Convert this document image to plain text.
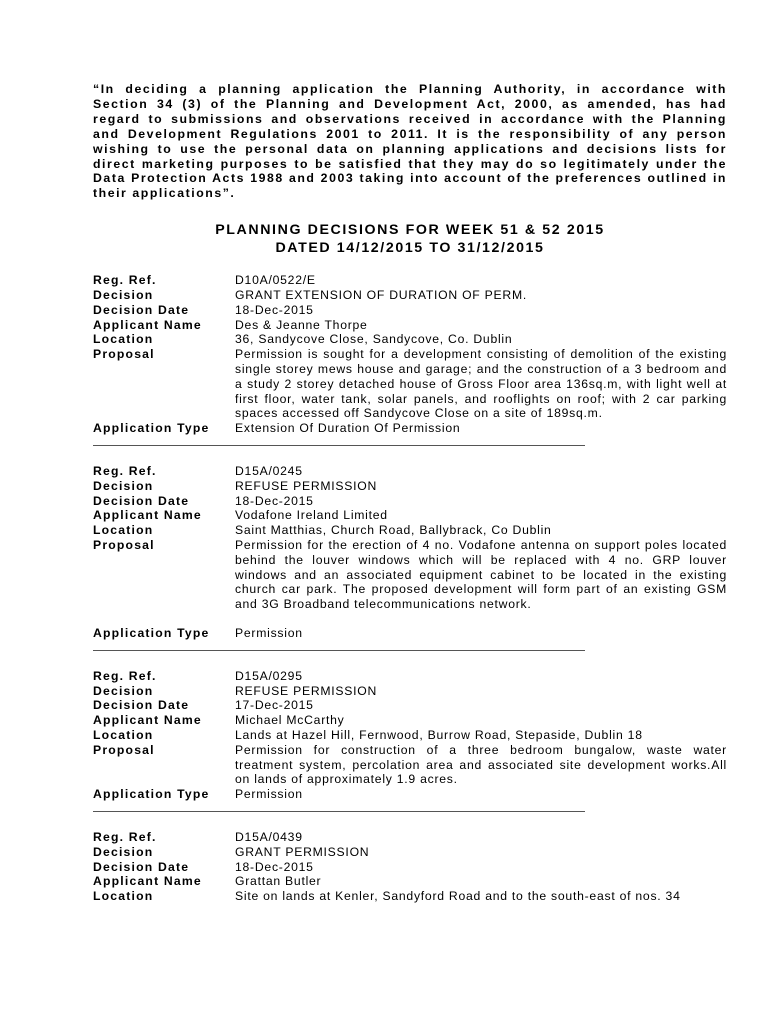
“In deciding a planning application the Planning Authority, in accordance with Section 34 (3) of the Planning and Development Act, 2000, as amended, has had regard to submissions and observations received in accordance with the Planning and Development Regulations 2001 to 2011. It is the responsibility of any person wishing to use the personal data on planning applications and decisions lists for direct marketing purposes to be satisfied that they may do so legitimately under the Data Protection Acts 1988 and 2003 taking into account of the preferences outlined in their applications”.

PLANNING DECISIONS FOR WEEK 51 & 52 2015
DATED 14/12/2015 TO 31/12/2015
Reg. Ref.	D10A/0522/E
Decision	GRANT EXTENSION OF DURATION OF PERM.
Decision Date	18-Dec-2015
Applicant Name	Des & Jeanne Thorpe
Location	36, Sandycove Close, Sandycove, Co. Dublin
Proposal	Permission is sought for a development consisting of demolition of the existing single storey mews house and garage; and the construction of a 3 bedroom and a study 2 storey detached house of Gross Floor area 136sq.m, with light well at first floor, water tank, solar panels, and rooflights on roof; with 2 car parking spaces accessed off Sandycove Close on a site of 189sq.m.
Application Type	Extension Of Duration Of Permission
Reg. Ref.	D15A/0245
Decision	REFUSE PERMISSION
Decision Date	18-Dec-2015
Applicant Name	Vodafone Ireland Limited
Location	Saint Matthias, Church Road, Ballybrack, Co Dublin
Proposal	Permission for the erection of 4 no. Vodafone antenna on support poles located behind the louver windows which will be replaced with 4 no. GRP louver windows and an associated equipment cabinet to be located in the existing church car park. The proposed development will form part of an existing GSM and 3G Broadband telecommunications network.
Application Type	Permission
Reg. Ref.	D15A/0295
Decision	REFUSE PERMISSION
Decision Date	17-Dec-2015
Applicant Name	Michael McCarthy
Location	Lands at Hazel Hill, Fernwood, Burrow Road, Stepaside, Dublin 18
Proposal	Permission for construction of a three bedroom bungalow, waste water treatment system, percolation area and associated site development works.All on lands of approximately 1.9 acres.
Application Type	Permission
Reg. Ref.	D15A/0439
Decision	GRANT PERMISSION
Decision Date	18-Dec-2015
Applicant Name	Grattan Butler
Location	Site on lands at Kenler, Sandyford Road and to the south-east of nos. 34
